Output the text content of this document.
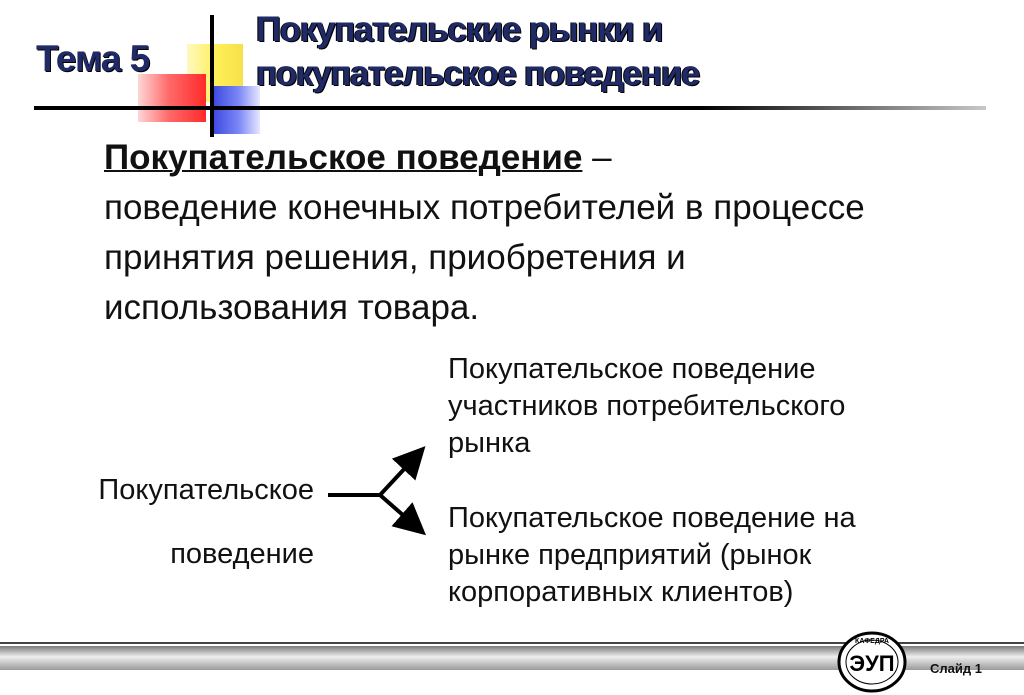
Тема 5
Покупательские рынки и
покупательское поведение
Покупательское поведение –
поведение конечных потребителей в процессе
принятия решения, приобретения и
использования товара.
Покупательское
поведение
Покупательское поведение
участников потребительского
рынка
Покупательское поведение на
рынке предприятий (рынок
корпоративных клиентов)
КАФЕДРА
ЭУП	Слайд 1
